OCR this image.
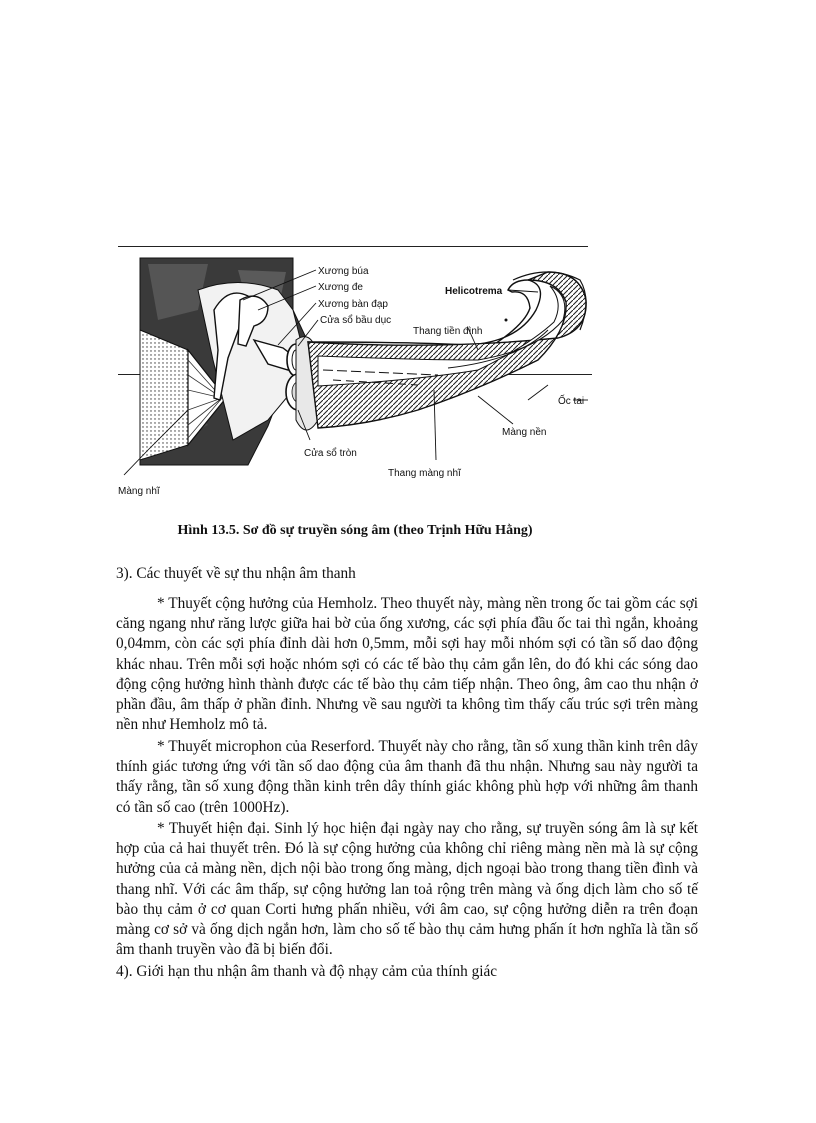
Xương búa
Xương đe
Xương bàn đạp
Cửa sổ bầu dục
Helicotrema
Thang tiền đình
Ốc tai
Màng nền
Cửa sổ tròn
Thang màng nhĩ
Màng nhĩ
Hình 13.5. Sơ đồ sự truyền sóng âm (theo Trịnh Hữu Hằng)
3). Các thuyết về sự thu nhận âm thanh
* Thuyết cộng hưởng của Hemholz. Theo thuyết này, màng nền trong ốc tai gồm các sợi căng ngang như răng lược giữa hai bờ của ống xương, các sợi phía đầu ốc tai thì ngắn, khoảng 0,04mm, còn các sợi phía đỉnh dài hơn 0,5mm, mỗi sợi hay mỗi nhóm sợi có tần số dao động khác nhau. Trên mỗi sợi hoặc nhóm sợi có các tế bào thụ cảm gắn lên, do đó khi các sóng dao động cộng hưởng hình thành được các tế bào thụ cảm tiếp nhận. Theo ông, âm cao thu nhận ở phần đầu, âm thấp ở phần đỉnh. Nhưng về sau người ta không tìm thấy cấu trúc sợi trên màng nền như Hemholz mô tả.
* Thuyết microphon của Reserford. Thuyết này cho rằng, tần số xung thần kinh trên dây thính giác tương ứng với tần số dao động của âm thanh đã thu nhận. Nhưng sau này người ta thấy rằng, tần số xung động thần kinh trên dây thính giác không phù hợp với những âm thanh có tần số cao (trên 1000Hz).
* Thuyết hiện đại. Sinh lý học hiện đại ngày nay cho rằng, sự truyền sóng âm là sự kết hợp của cả hai thuyết trên. Đó là sự cộng hưởng của không chỉ riêng màng nền mà là sự cộng hưởng của cả màng nền, dịch nội bào trong ống màng, dịch ngoại bào trong thang tiền đình và thang nhĩ. Với các âm thấp, sự cộng hưởng lan toả rộng trên màng và ống dịch làm cho số tế bào thụ cảm ở cơ quan Corti hưng phấn nhiều, với âm cao, sự cộng hưởng diễn ra trên đoạn màng cơ sở và ống dịch ngắn hơn, làm cho số tế bào thụ cảm hưng phấn ít hơn nghĩa là tần số âm thanh truyền vào đã bị biến đổi.
4). Giới hạn thu nhận âm thanh và độ nhạy cảm của thính giác
